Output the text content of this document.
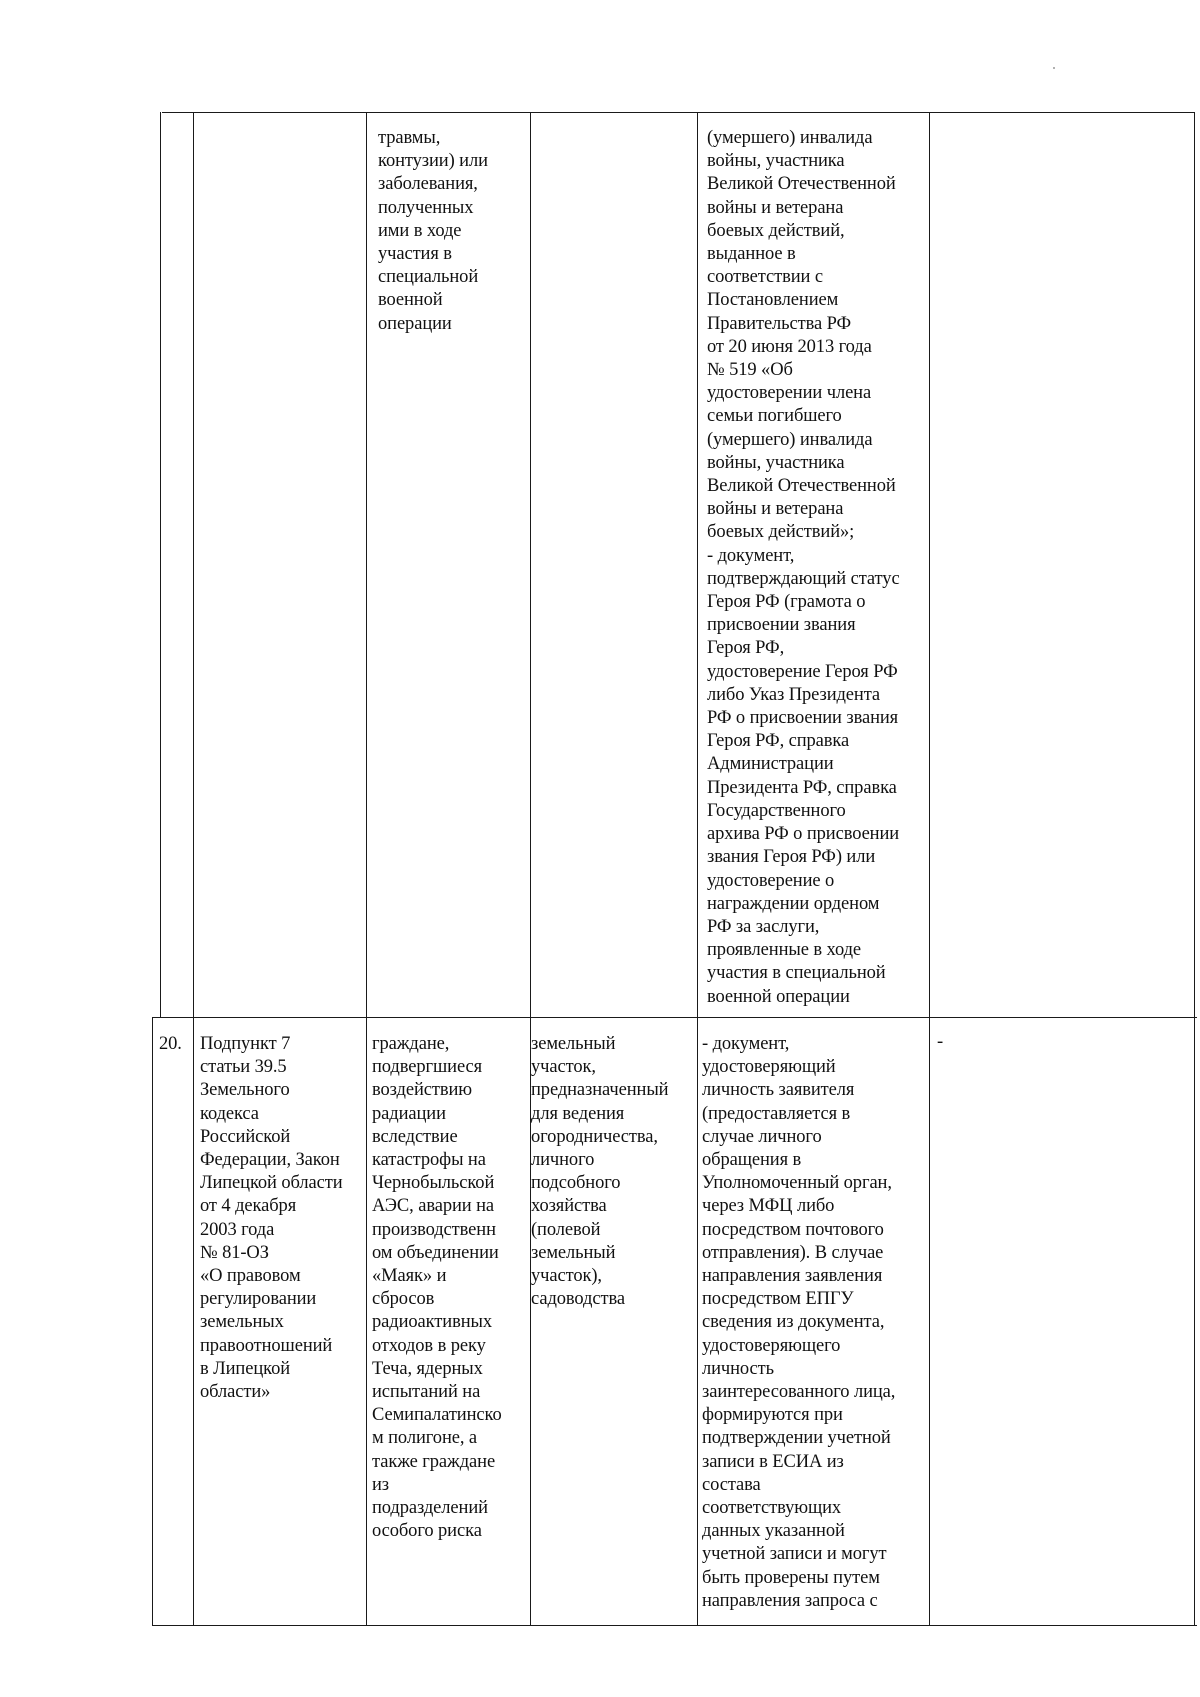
травмы,
контузии) или
заболевания,
полученных
ими в ходе
участия в
специальной
военной
операции
(умершего) инвалида
войны, участника
Великой Отечественной
войны и ветерана
боевых действий,
выданное в
соответствии с
Постановлением
Правительства РФ
от 20 июня 2013 года
№ 519 «Об
удостоверении члена
семьи погибшего
(умершего) инвалида
войны, участника
Великой Отечественной
войны и ветерана
боевых действий»;
- документ,
подтверждающий статус
Героя РФ (грамота о
присвоении звания
Героя РФ,
удостоверение Героя РФ
либо Указ Президента
РФ о присвоении звания
Героя РФ, справка
Администрации
Президента РФ, справка
Государственного
архива РФ о присвоении
звания Героя РФ) или
удостоверение о
награждении орденом
РФ за заслуги,
проявленные в ходе
участия в специальной
военной операции
20. Подпункт 7
статьи 39.5
Земельного
кодекса
Российской
Федерации, Закон
Липецкой области
от 4 декабря
2003 года
№ 81-ОЗ
«О правовом
регулировании
земельных
правоотношений
в Липецкой
области»
граждане,
подвергшиеся
воздействию
радиации
вследствие
катастрофы на
Чернобыльской
АЭС, аварии на
производственн
ом объединении
«Маяк» и
сбросов
радиоактивных
отходов в реку
Теча, ядерных
испытаний на
Семипалатинско
м полигоне, а
также граждане
из
подразделений
особого риска
земельный
участок,
предназначенный
для ведения
огородничества,
личного
подсобного
хозяйства
(полевой
земельный
участок),
садоводства
- документ,
удостоверяющий
личность заявителя
(предоставляется в
случае личного
обращения в
Уполномоченный орган,
через МФЦ либо
посредством почтового
отправления). В случае
направления заявления
посредством ЕПГУ
сведения из документа,
удостоверяющего
личность
заинтересованного лица,
формируются при
подтверждении учетной
записи в ЕСИА из
состава
соответствующих
данных указанной
учетной записи и могут
быть проверены путем
направления запроса с
-
